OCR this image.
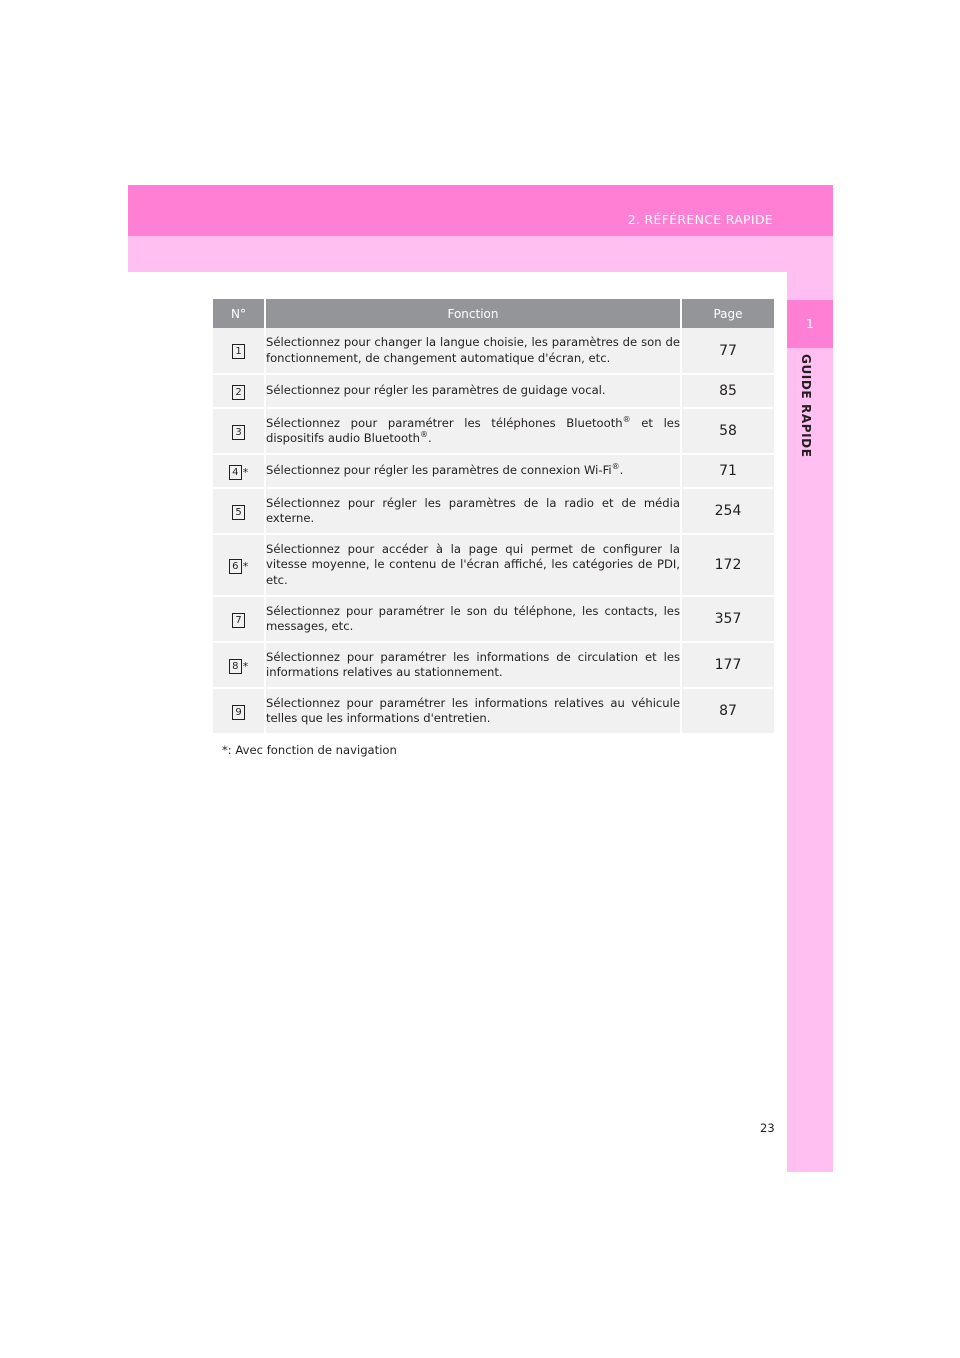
2. RÉFÉRENCE RAPIDE
1
GUIDE RAPIDE
N°	Fonction	Page
1	Sélectionnez pour changer la langue choisie, les paramètres de son de fonctionnement, de changement automatique d'écran, etc.	77
2	Sélectionnez pour régler les paramètres de guidage vocal.	85
3	Sélectionnez pour paramétrer les téléphones Bluetooth® et les dispositifs audio Bluetooth®.	58
4 *	Sélectionnez pour régler les paramètres de connexion Wi-Fi®.	71
5	Sélectionnez pour régler les paramètres de la radio et de média externe.	254
6 *	Sélectionnez pour accéder à la page qui permet de configurer la vitesse moyenne, le contenu de l'écran affiché, les catégories de PDI, etc.	172
7	Sélectionnez pour paramétrer le son du téléphone, les contacts, les messages, etc.	357
8 *	Sélectionnez pour paramétrer les informations de circulation et les informations relatives au stationnement.	177
9	Sélectionnez pour paramétrer les informations relatives au véhicule telles que les informations d'entretien.	87
*: Avec fonction de navigation
23
